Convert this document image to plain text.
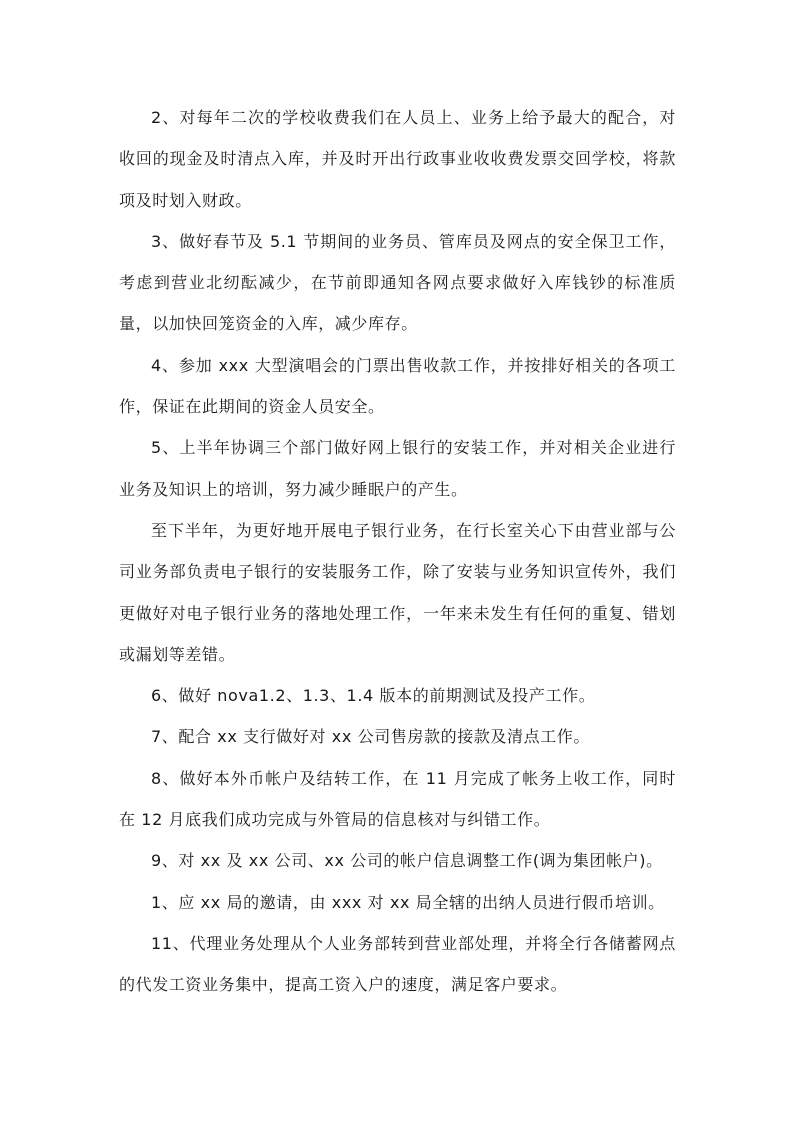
2、对每年二次的学校收费我们在人员上、业务上给予最大的配合，对收回的现金及时清点入库，并及时开出行政事业收收费发票交回学校，将款项及时划入财政。

3、做好春节及 5.1 节期间的业务员、管库员及网点的安全保卫工作，考虑到营业北纫酝减少，在节前即通知各网点要求做好入库钱钞的标准质量，以加快回笼资金的入库，减少库存。

4、参加 xxx 大型演唱会的门票出售收款工作，并按排好相关的各项工作，保证在此期间的资金人员安全。

5、上半年协调三个部门做好网上银行的安装工作，并对相关企业进行业务及知识上的培训，努力减少睡眠户的产生。

至下半年，为更好地开展电子银行业务，在行长室关心下由营业部与公司业务部负责电子银行的安装服务工作，除了安装与业务知识宣传外，我们更做好对电子银行业务的落地处理工作，一年来未发生有任何的重复、错划或漏划等差错。

6、做好 nova1.2、1.3、1.4 版本的前期测试及投产工作。

7、配合 xx 支行做好对 xx 公司售房款的接款及清点工作。

8、做好本外币帐户及结转工作，在 11 月完成了帐务上收工作，同时在 12 月底我们成功完成与外管局的信息核对与纠错工作。

9、对 xx 及 xx 公司、xx 公司的帐户信息调整工作(调为集团帐户)。

1、应 xx 局的邀请，由 xxx 对 xx 局全辖的出纳人员进行假币培训。

11、代理业务处理从个人业务部转到营业部处理，并将全行各储蓄网点的代发工资业务集中，提高工资入户的速度，满足客户要求。
